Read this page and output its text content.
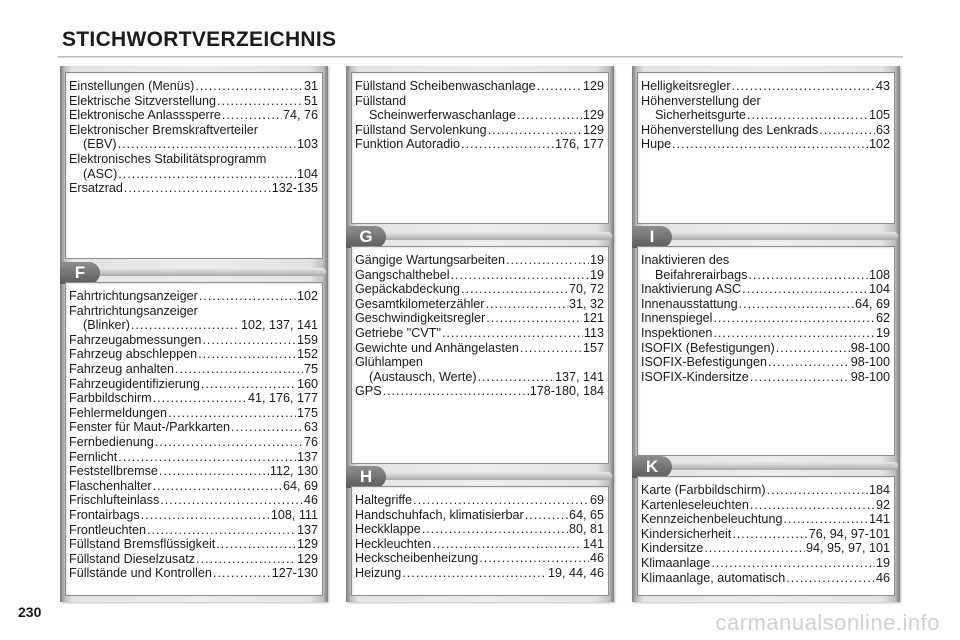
STICHWORTVERZEICHNIS
Einstellungen (Menüs) .....	31
Elektrische Sitzverstellung .....	51
Elektronische Anlasssperre .....	74, 76
Elektronischer Bremskraftverteiler
(EBV) .....	103
Elektronisches Stabilitätsprogramm
(ASC) .....	104
Ersatzrad .....	132-135
F
Fahrtrichtungsanzeiger .....	102
Fahrtrichtungsanzeiger
(Blinker) .....	102, 137, 141
Fahrzeugabmessungen .....	159
Fahrzeug abschleppen .....	152
Fahrzeug anhalten .....	75
Fahrzeugidentifizierung .....	160
Farbbildschirm .....	41, 176, 177
Fehlermeldungen .....	175
Fenster für Maut-/Parkkarten .....	63
Fernbedienung .....	76
Fernlicht .....	137
Feststellbremse .....	112, 130
Flaschenhalter .....	64, 69
Frischlufteinlass .....	46
Frontairbags .....	108, 111
Frontleuchten .....	137
Füllstand Bremsflüssigkeit .....	129
Füllstand Dieselzusatz .....	129
Füllstände und Kontrollen .....	127-130
Füllstand Scheibenwaschanlage .....	129
Füllstand
Scheinwerferwaschanlage .....	129
Füllstand Servolenkung .....	129
Funktion Autoradio .....	176, 177
G
Gängige Wartungsarbeiten .....	19
Gangschalthebel .....	19
Gepäckabdeckung .....	70, 72
Gesamtkilometerzähler .....	31, 32
Geschwindigkeitsregler .....	121
Getriebe "CVT" .....	113
Gewichte und Anhängelasten .....	157
Glühlampen
(Austausch, Werte) .....	137, 141
GPS .....	178-180, 184
H
Haltegriffe .....	69
Handschuhfach, klimatisierbar .....	64, 65
Heckklappe .....	80, 81
Heckleuchten .....	141
Heckscheibenheizung .....	46
Heizung .....	19, 44, 46
Helligkeitsregler .....	43
Höhenverstellung der
Sicherheitsgurte .....	105
Höhenverstellung des Lenkrads .....	63
Hupe .....	102
I
Inaktivieren des
Beifahrerairbags .....	108
Inaktivierung ASC .....	104
Innenausstattung .....	64, 69
Innenspiegel .....	62
Inspektionen .....	19
ISOFIX (Befestigungen) .....	98-100
ISOFIX-Befestigungen .....	98-100
ISOFIX-Kindersitze .....	98-100
K
Karte (Farbbildschirm) .....	184
Kartenleseleuchten .....	92
Kennzeichenbeleuchtung .....	141
Kindersicherheit .....	76, 94, 97-101
Kindersitze .....	94, 95, 97, 101
Klimaanlage .....	19
Klimaanlage, automatisch .....	46
230	carmanualsonline.info
